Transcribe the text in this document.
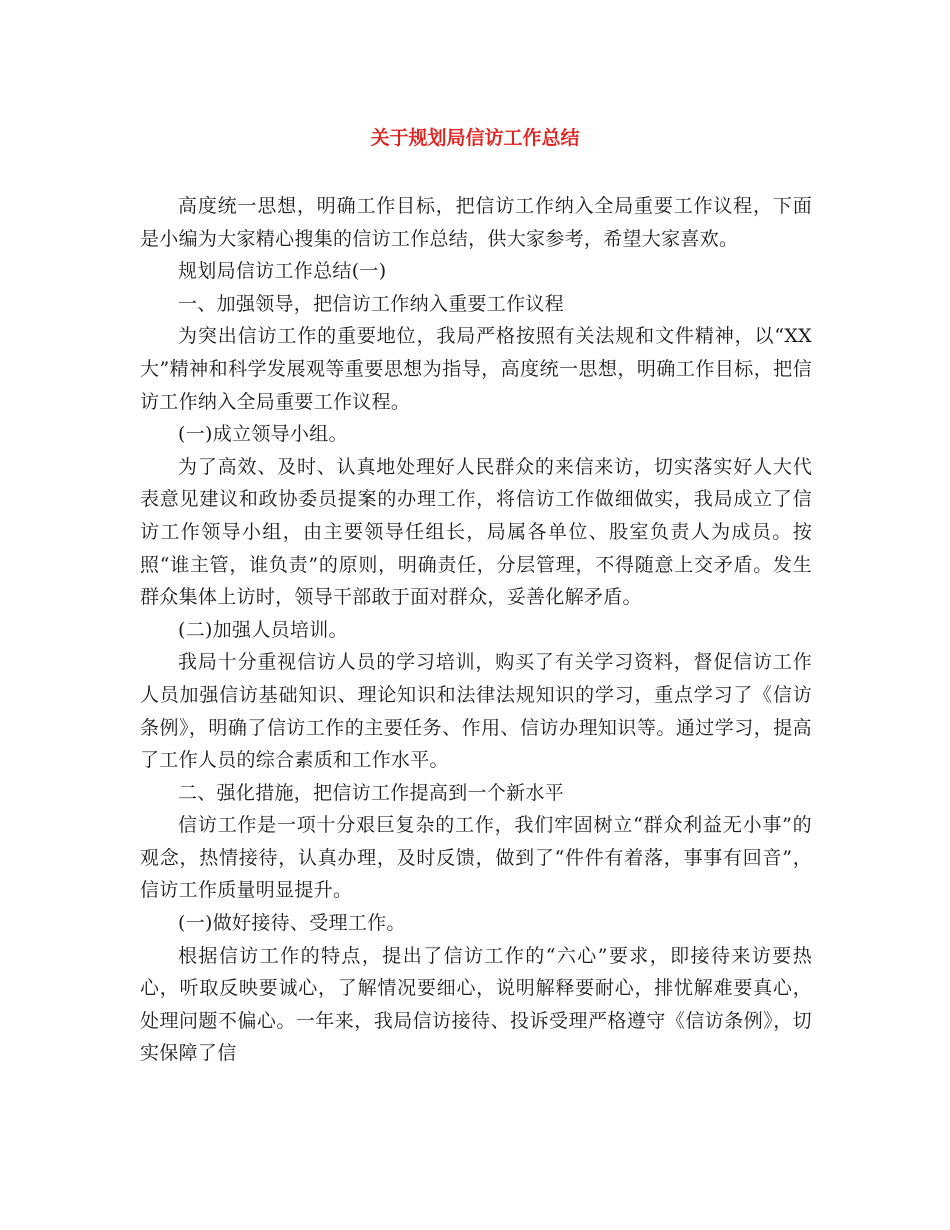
关于规划局信访工作总结

高度统一思想，明确工作目标，把信访工作纳入全局重要工作议程，下面是小编为大家精心搜集的信访工作总结，供大家参考，希望大家喜欢。

规划局信访工作总结(一)

一、加强领导，把信访工作纳入重要工作议程

为突出信访工作的重要地位，我局严格按照有关法规和文件精神，以“XX大”精神和科学发展观等重要思想为指导，高度统一思想，明确工作目标，把信访工作纳入全局重要工作议程。

(一)成立领导小组。

为了高效、及时、认真地处理好人民群众的来信来访，切实落实好人大代表意见建议和政协委员提案的办理工作，将信访工作做细做实，我局成立了信访工作领导小组，由主要领导任组长，局属各单位、股室负责人为成员。按照“谁主管，谁负责”的原则，明确责任，分层管理，不得随意上交矛盾。发生群众集体上访时，领导干部敢于面对群众，妥善化解矛盾。

(二)加强人员培训。

我局十分重视信访人员的学习培训，购买了有关学习资料，督促信访工作人员加强信访基础知识、理论知识和法律法规知识的学习，重点学习了《信访条例》，明确了信访工作的主要任务、作用、信访办理知识等。通过学习，提高了工作人员的综合素质和工作水平。

二、强化措施，把信访工作提高到一个新水平

信访工作是一项十分艰巨复杂的工作，我们牢固树立“群众利益无小事”的观念，热情接待，认真办理，及时反馈，做到了“件件有着落，事事有回音”，信访工作质量明显提升。

(一)做好接待、受理工作。

根据信访工作的特点，提出了信访工作的“六心”要求，即接待来访要热心，听取反映要诚心，了解情况要细心，说明解释要耐心，排忧解难要真心，处理问题不偏心。一年来，我局信访接待、投诉受理严格遵守《信访条例》，切实保障了信
